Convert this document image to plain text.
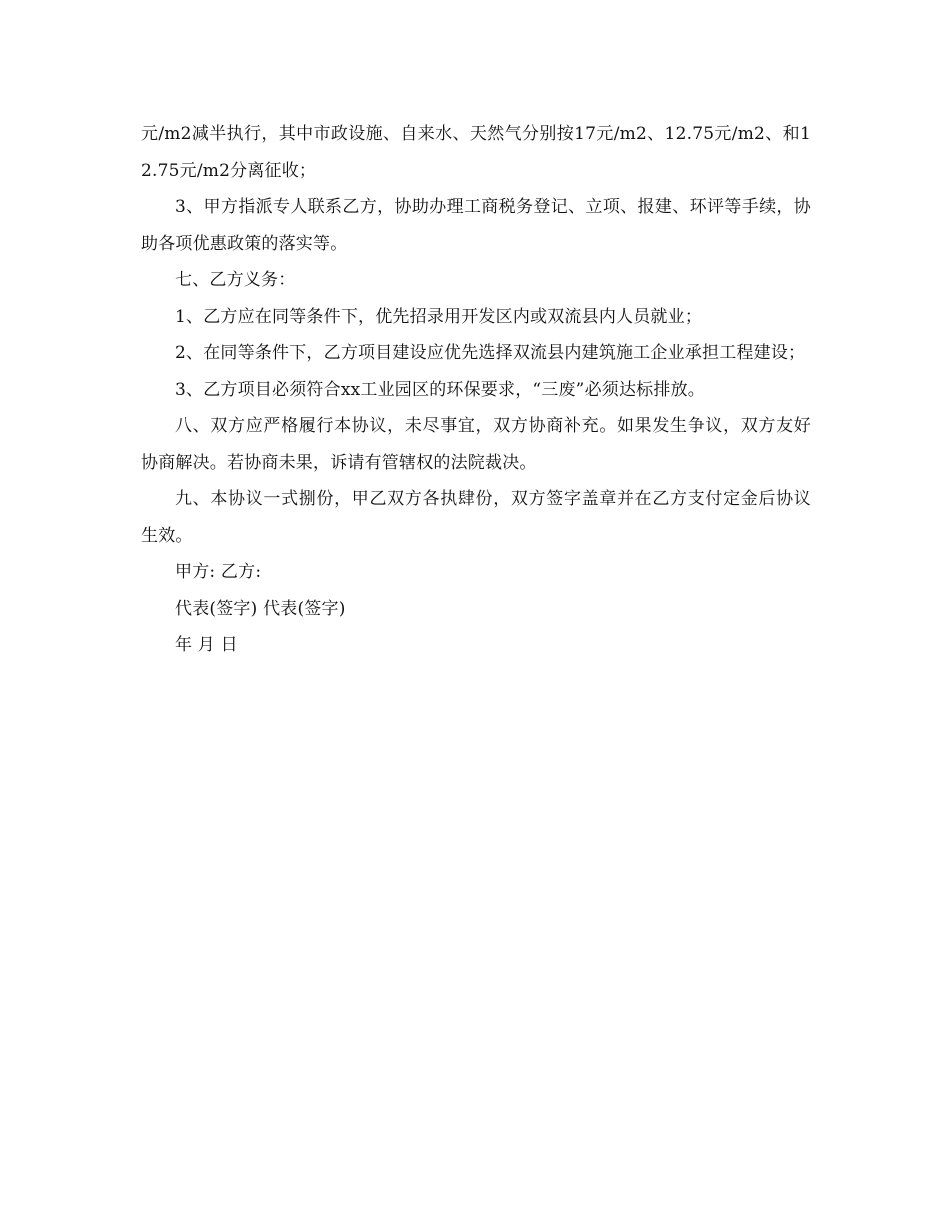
元/m2减半执行，其中市政设施、自来水、天然气分别按17元/m2、12.75元/m2、和12.75元/m2分离征收；

3、甲方指派专人联系乙方，协助办理工商税务登记、立项、报建、环评等手续，协助各项优惠政策的落实等。

七、乙方义务：

1、乙方应在同等条件下，优先招录用开发区内或双流县内人员就业；

2、在同等条件下，乙方项目建设应优先选择双流县内建筑施工企业承担工程建设；

3、乙方项目必须符合xx工业园区的环保要求，“三废”必须达标排放。

八、双方应严格履行本协议，未尽事宜，双方协商补充。如果发生争议，双方友好协商解决。若协商未果，诉请有管辖权的法院裁决。

九、本协议一式捌份，甲乙双方各执肆份，双方签字盖章并在乙方支付定金后协议生效。

甲方: 乙方:

代表(签字) 代表(签字)

年 月 日
